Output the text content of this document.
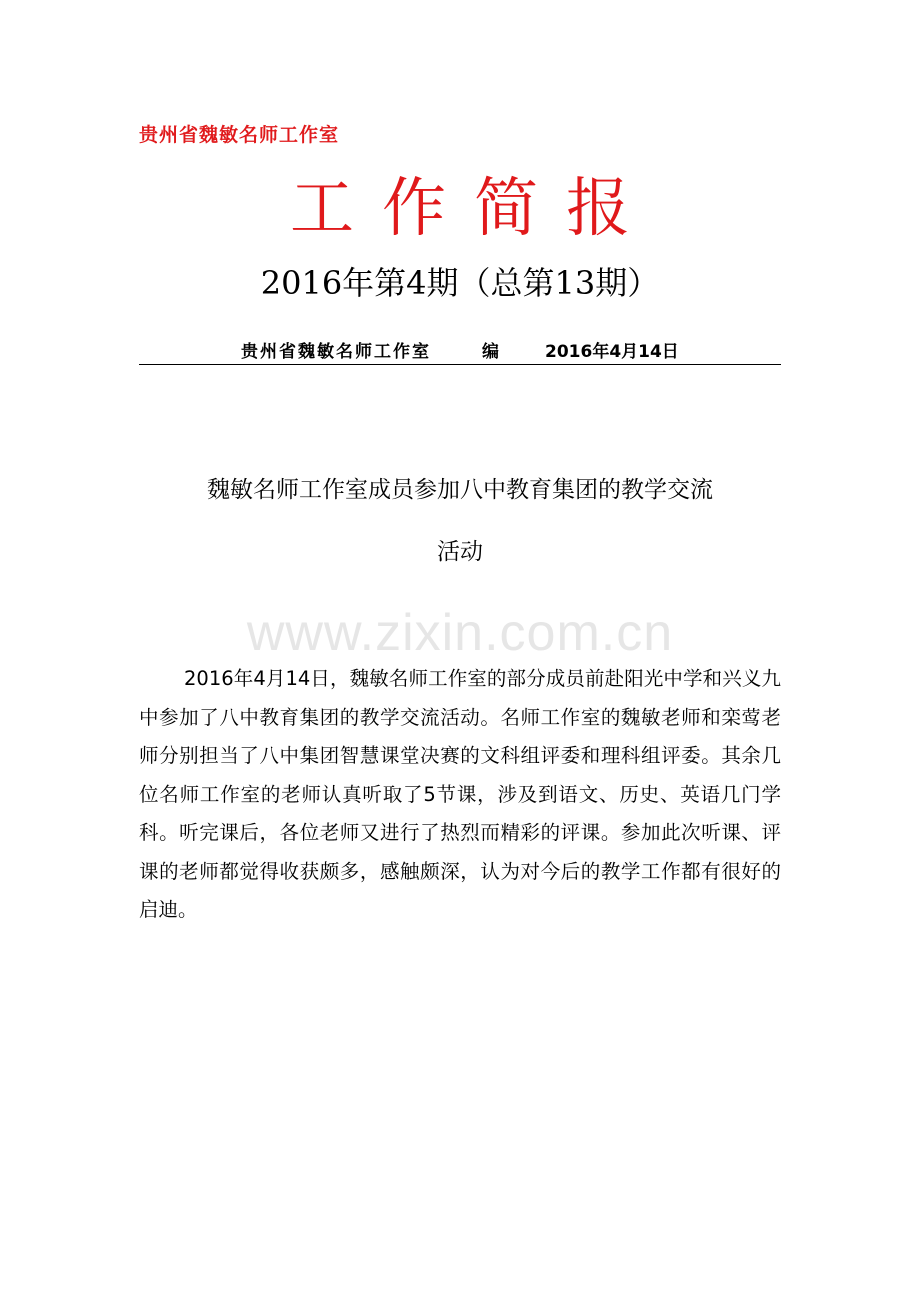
贵州省魏敏名师工作室
工作简报
2016年第4期（总第13期）
贵州省魏敏名师工作室	编	2016年4月14日
魏敏名师工作室成员参加八中教育集团的教学交流
活动
www.zixin.com.cn

2016年4月14日，魏敏名师工作室的部分成员前赴阳光中学和兴义九中参加了八中教育集团的教学交流活动。名师工作室的魏敏老师和栾莺老师分别担当了八中集团智慧课堂决赛的文科组评委和理科组评委。其余几位名师工作室的老师认真听取了5节课，涉及到语文、历史、英语几门学科。听完课后，各位老师又进行了热烈而精彩的评课。参加此次听课、评课的老师都觉得收获颇多，感触颇深，认为对今后的教学工作都有很好的启迪。
